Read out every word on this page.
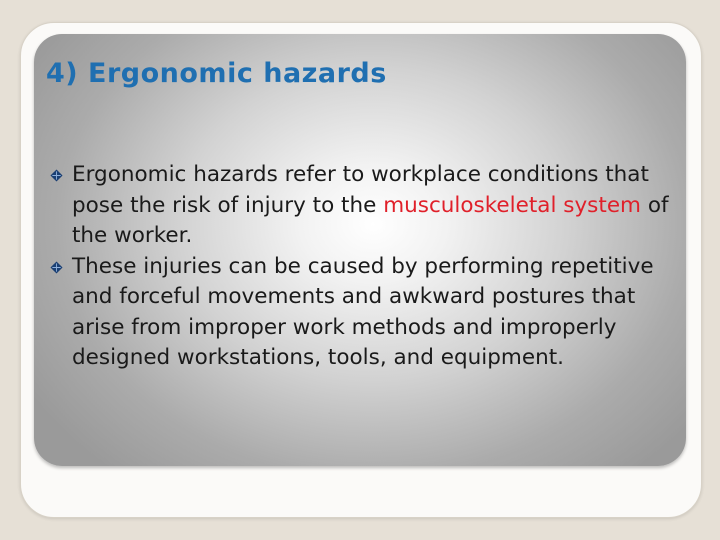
4) Ergonomic hazards
Ergonomic hazards refer to workplace conditions that pose the risk of injury to the musculoskeletal system of the worker.
These injuries can be caused by performing repetitive and forceful movements and awkward postures that arise from improper work methods and improperly designed workstations, tools, and equipment.
